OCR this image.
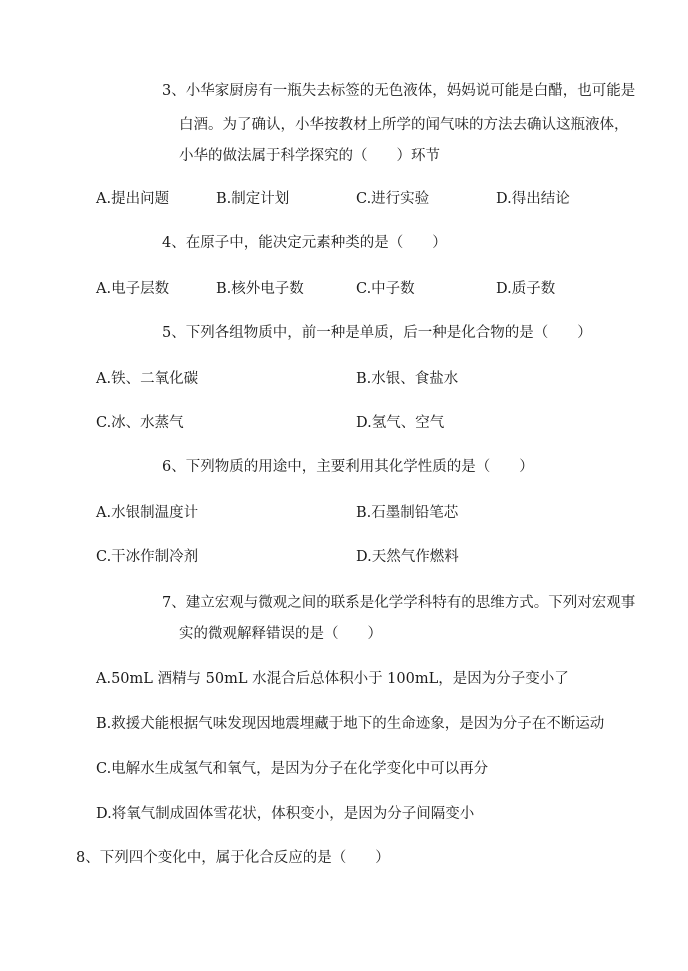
3、小华家厨房有一瓶失去标签的无色液体，妈妈说可能是白醋，也可能是
白酒。为了确认，小华按教材上所学的闻气味的方法去确认这瓶液体，
小华的做法属于科学探究的（　　）环节
A.提出问题	B.制定计划	C.进行实验	D.得出结论
4、在原子中，能决定元素种类的是（　　）
A.电子层数	B.核外电子数	C.中子数	D.质子数
5、下列各组物质中，前一种是单质，后一种是化合物的是（　　）
A.铁、二氧化碳	B.水银、食盐水
C.冰、水蒸气	D.氢气、空气
6、下列物质的用途中，主要利用其化学性质的是（　　）
A.水银制温度计	B.石墨制铅笔芯
C.干冰作制冷剂	D.天然气作燃料
7、建立宏观与微观之间的联系是化学学科特有的思维方式。下列对宏观事
实的微观解释错误的是（　　）
A.50mL 酒精与 50mL 水混合后总体积小于 100mL，是因为分子变小了
B.救援犬能根据气味发现因地震埋藏于地下的生命迹象，是因为分子在不断运动
C.电解水生成氢气和氧气，是因为分子在化学变化中可以再分
D.将氧气制成固体雪花状，体积变小，是因为分子间隔变小
8、下列四个变化中，属于化合反应的是（　　）
